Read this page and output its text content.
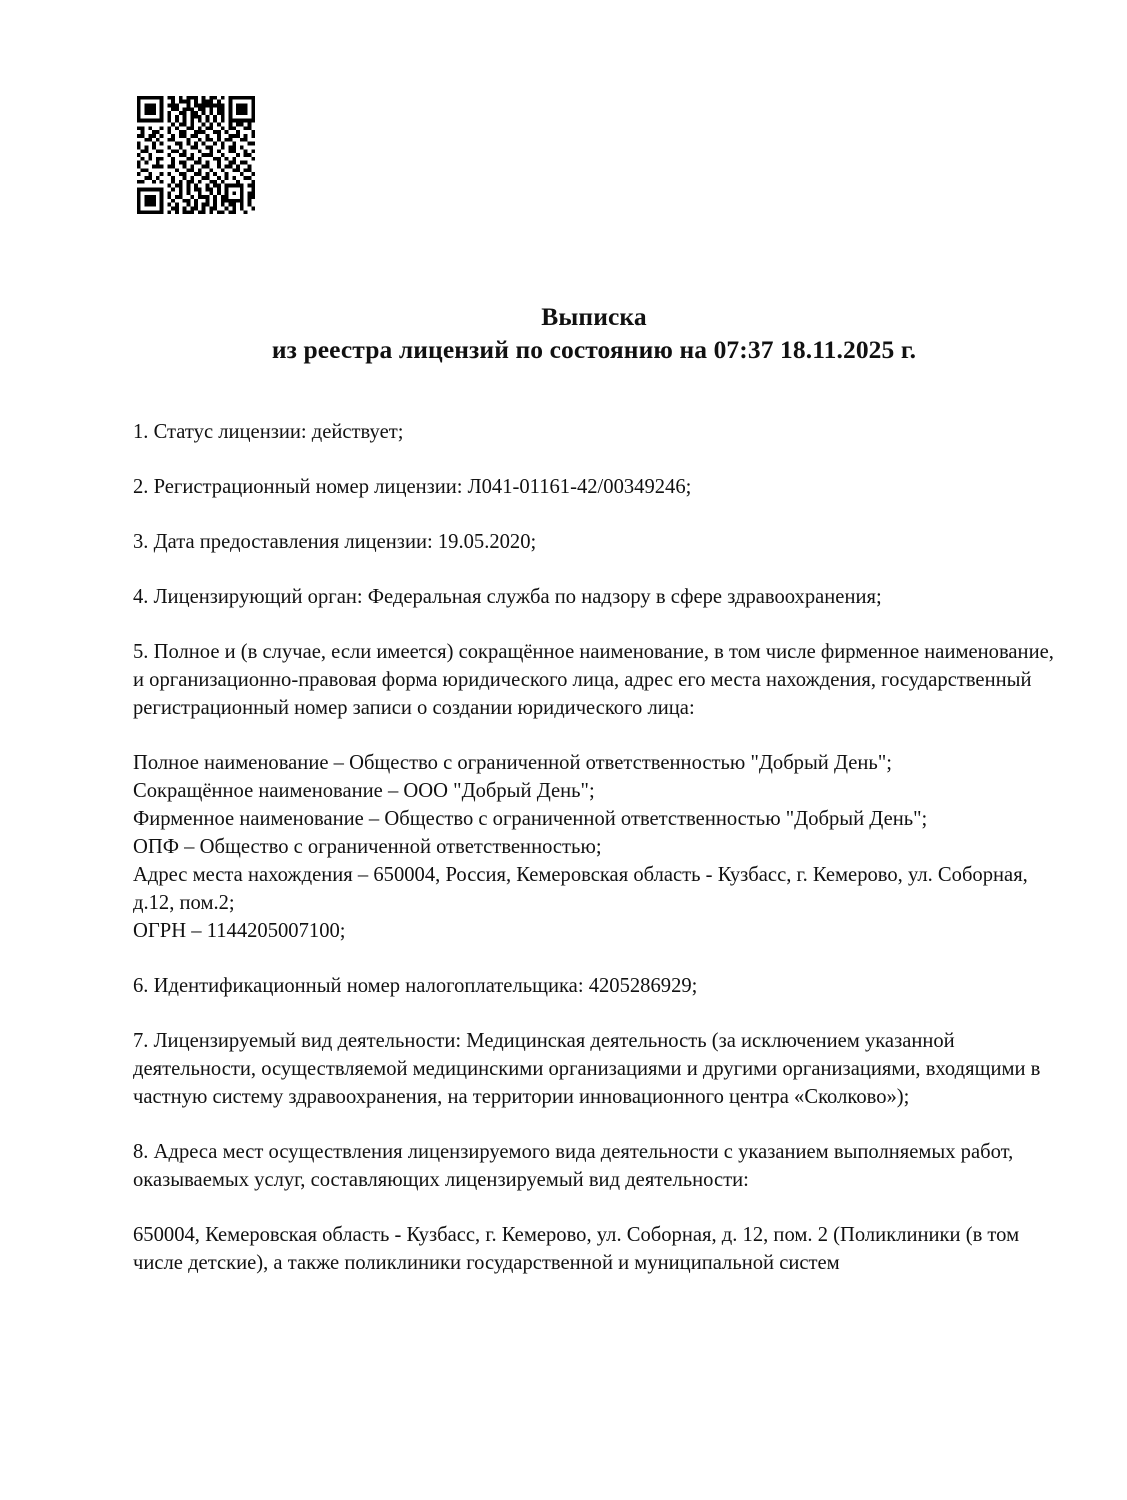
Выписка
из реестра лицензий по состоянию на 07:37 18.11.2025 г.

1. Статус лицензии: действует;

2. Регистрационный номер лицензии: Л041-01161-42/00349246;

3. Дата предоставления лицензии: 19.05.2020;

4. Лицензирующий орган: Федеральная служба по надзору в сфере здравоохранения;

5. Полное и (в случае, если имеется) сокращённое наименование, в том числе фирменное наименование, и организационно-правовая форма юридического лица, адрес его места нахождения, государственный регистрационный номер записи о создании юридического лица:

Полное наименование – Общество с ограниченной ответственностью "Добрый День";
Сокращённое наименование – ООО "Добрый День";
Фирменное наименование – Общество с ограниченной ответственностью "Добрый День";
ОПФ – Общество с ограниченной ответственностью;
Адрес места нахождения – 650004, Россия, Кемеровская область - Кузбасс, г. Кемерово, ул. Соборная, д.12, пом.2;
ОГРН – 1144205007100;

6. Идентификационный номер налогоплательщика: 4205286929;

7. Лицензируемый вид деятельности: Медицинская деятельность (за исключением указанной деятельности, осуществляемой медицинскими организациями и другими организациями, входящими в частную систему здравоохранения, на территории инновационного центра «Сколково»);

8. Адреса мест осуществления лицензируемого вида деятельности с указанием выполняемых работ, оказываемых услуг, составляющих лицензируемый вид деятельности:

650004, Кемеровская область - Кузбасс, г. Кемерово, ул. Соборная, д. 12, пом. 2 (Поликлиники (в том числе детские), а также поликлиники государственной и муниципальной систем
